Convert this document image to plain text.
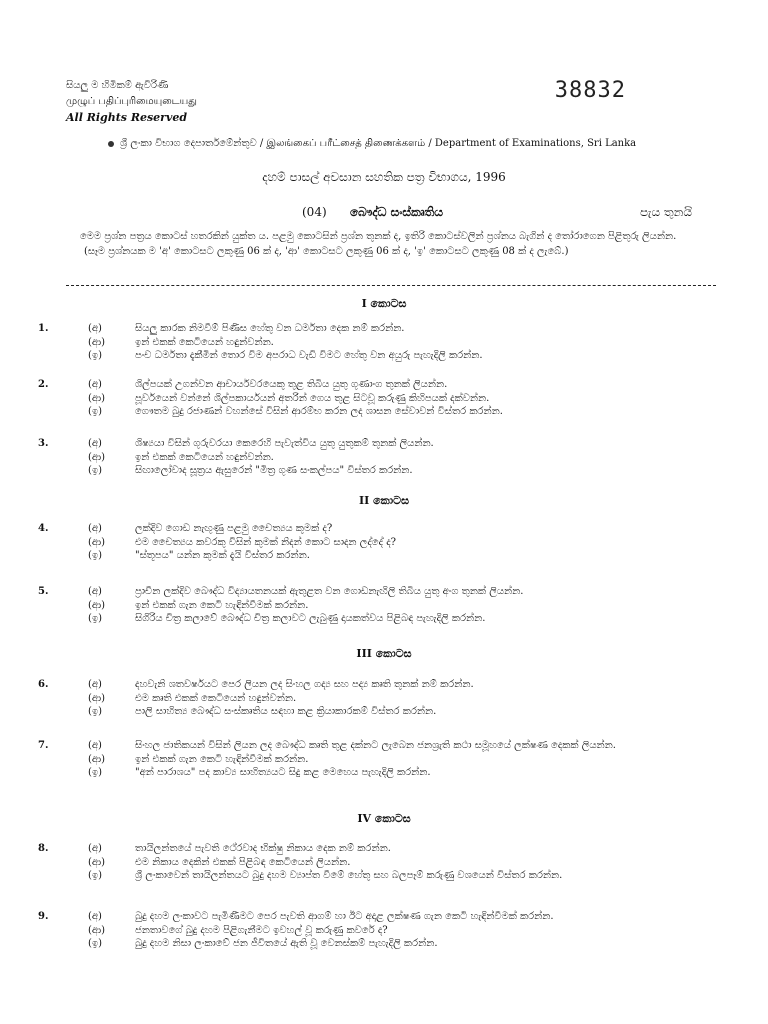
සියලු ම හිමිකම් ඇවිරිණි
முழுப் பதிப்புரிமையுடையது
All Rights Reserved
38832
ශ්‍රී ලංකා විභාග දෙපාර්තමේන්තුව / இலங்கைப் பரீட்சைத் திணைக்களம் / Department of Examinations, Sri Lanka
දහම් පාසල් අවසාන සහතික පත්‍ර විභාගය, 1996
(04) බෞද්ධ සංස්කෘතිය	පැය තුනයි
මෙම ප්‍රශ්න පත්‍රය කොටස් හතරකින් යුක්ත ය. පළමු කොටසින් ප්‍රශ්න තුනක් ද, ඉතිරි කොටස්වලින් ප්‍රශ්නය බැගින් ද තෝරාගෙන පිළිතුරු ලියන්න.
(සෑම ප්‍රශ්නයක ම 'අ' කොටසට ලකුණු 06 ක් ද, 'ආ' කොටසට ලකුණු 06 ක් ද, 'ඉ' කොටසට ලකුණු 08 ක් ද ලැබේ.)
I කොටස
1.	(අ)	සියලු කාරක නිමවීම් පිණිස හේතු වන ධර්මතා දෙක නම් කරන්න.
(ආ)	ඉන් එකක් කෙටියෙන් හඳුන්වන්න.
(ඉ)	පංච ධර්මතා දැකීමින් තොර විම අපරාධ වැඩි විමට හේතු වන අයුරු පැහැදිලි කරන්න.
2.	(අ)	ශිල්පයක් උගන්වන ආචාර්යවරයෙකු තුළ තිබිය යුතු ගුණාංග තුනක් ලියන්න.
(ආ)	පූර්වයෙන් වන්නේ ශිල්පකාර්යයන් අතරින් ගෙය තුළ සිටවූ කරුණු කිහිපයක් දක්වන්න.
(ඉ)	ගෞතම බුදු රජාණන් වහන්සේ විසින් ආරම්භ කරන ලද ශාසන සේවාවන් විස්තර කරන්න.
3.	(අ)	ශිෂ්‍යයා විසින් ගුරුවරයා කෙරෙහි පැවැත්විය යුතු යුතුකම් තුනක් ලියන්න.
(ආ)	ඉන් එකක් කෙටියෙන් හඳුන්වන්න.
(ඉ)	සිඟාලෝවාද සූත්‍රය ඇසුරෙන් "මිත්‍ර ගුණ සංකල්පය" විස්තර කරන්න.
II කොටස
4.	(අ)	ලක්දිව ගොඩ නැඟුණු පළමු චෛත්‍යය කුමක් ද?
(ආ)	එම චෛත්‍යය කවරකු විසින් කුමක් නිදන් කොට සාදන ලද්දේ ද?
(ඉ)	"ස්තූපය" යන්න කුමක් දැයි විස්තර කරන්න.
5.	(අ)	ප්‍රාචීන ලක්දිව බෞද්ධ විද්‍යායතනයක් ඇතුළත වන ගොඩනැඟිලි තිබිය යුතු අංග තුනක් ලියන්න.
(ආ)	ඉන් එකක් ගැන කෙටි හැඳින්වීමක් කරන්න.
(ඉ)	සිගිරිය චිත්‍ර කලාවේ බෞද්ධ චිත්‍ර කලාවට ලැබුණු දායකත්වය පිළිබඳ පැහැදිලි කරන්න.
III කොටස
6.	(අ)	දහවැනි ශතවර්ෂයට පෙර ලියන ලද සිංහල ගද්‍ය සහ පද්‍ය කෘති තුනක් නම් කරන්න.
(ආ)	එම කෘති එකක් කෙටියෙන් හඳුන්වන්න.
(ඉ)	පාලි සාහිත්‍ය බෞද්ධ සංස්කෘතිය සඳහා කළ ක්‍රියාකාරකම් විස්තර කරන්න.
7.	(අ)	සිංහල ජාතිකයන් විසින් ලියන ලද බෞද්ධ කෘති තුළ දක්නට ලැබෙන ජනශ්‍රැති කථා සමූහයේ ලක්ෂණ දෙකක් ලියන්න.
(ආ)	ඉන් එකක් ගැන කෙටි හැඳින්වීමක් කරන්න.
(ඉ)	"අන් පාරාශය" පද කාව්‍ය සාහිත්‍යයට සිදු කළ මෙහෙය පැහැදිලි කරන්න.
IV කොටස
8.	(අ)	තායිලන්තයේ පැවති ථේරවාද භික්ෂු නිකාය දෙක නම් කරන්න.
(ආ)	එම නිකාය දෙකින් එකක් පිළිබඳ කෙටියෙන් ලියන්න.
(ඉ)	ශ්‍රී ලංකාවෙන් තායිලන්තයට බුදු දහම ව්‍යාප්ත වීමේ හේතු සහ බලපෑම් කරුණු වශයෙන් විස්තර කරන්න.
9.	(අ)	බුදු දහම ලංකාවට පැමිණීමට පෙර පැවති ආගම් හා ඊට අදාළ ලක්ෂණ ගැන කෙටි හැඳින්වීමක් කරන්න.
(ආ)	ජනතාවගේ බුදු දහම පිළිගැනීමට ඉවහල් වූ කරුණු කවරේ ද?
(ඉ)	බුදු දහම නිසා ලංකාවේ ජන ජීවිතයේ ඇති වූ වෙනස්කම් පැහැදිලි කරන්න.
